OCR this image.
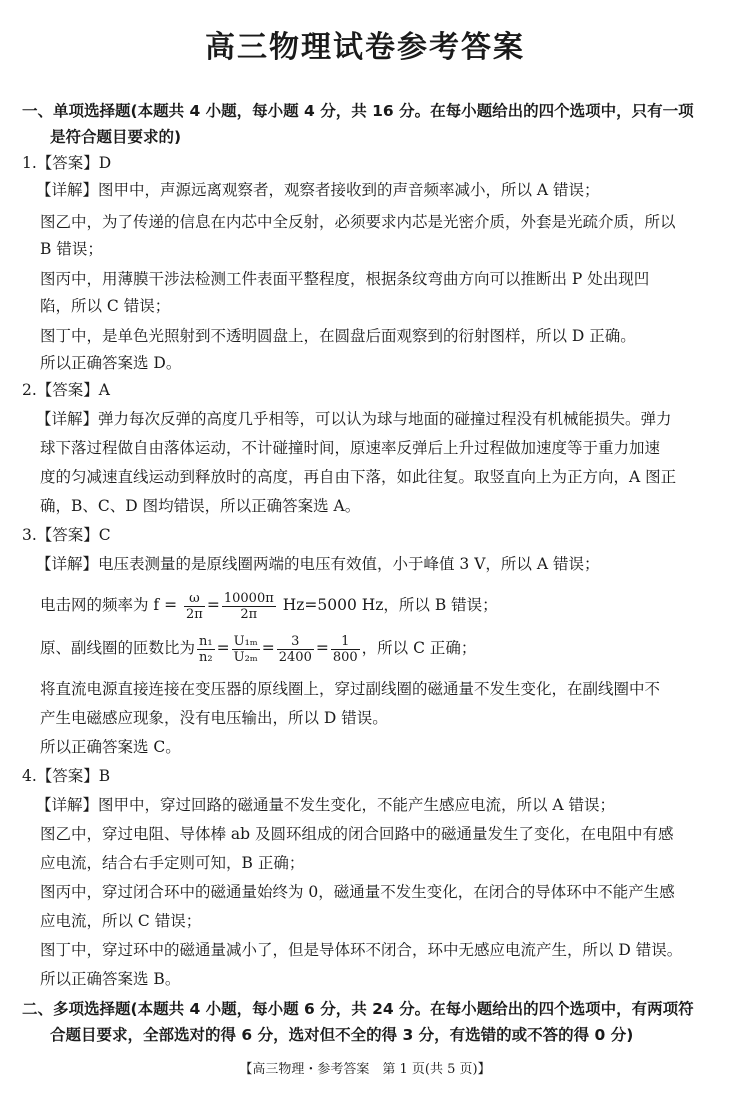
高三物理试卷参考答案
一、单项选择题(本题共 4 小题，每小题 4 分，共 16 分。在每小题给出的四个选项中，只有一项
是符合题目要求的)
1.【答案】D
【详解】图甲中，声源远离观察者，观察者接收到的声音频率减小，所以 A 错误；
图乙中，为了传递的信息在内芯中全反射，必须要求内芯是光密介质，外套是光疏介质，所以
B 错误；
图丙中，用薄膜干涉法检测工件表面平整程度，根据条纹弯曲方向可以推断出 P 处出现凹
陷，所以 C 错误；
图丁中，是单色光照射到不透明圆盘上，在圆盘后面观察到的衍射图样，所以 D 正确。
所以正确答案选 D。
2.【答案】A
【详解】弹力每次反弹的高度几乎相等，可以认为球与地面的碰撞过程没有机械能损失。弹力
球下落过程做自由落体运动，不计碰撞时间，原速率反弹后上升过程做加速度等于重力加速
度的匀减速直线运动到释放时的高度，再自由下落，如此往复。取竖直向上为正方向，A 图正
确，B、C、D 图均错误，所以正确答案选 A。
3.【答案】C
【详解】电压表测量的是原线圈两端的电压有效值，小于峰值 3 V，所以 A 错误；
电击网的频率为 $f = \frac{\omega}{2\pi} = \frac{10000\pi}{2\pi} Hz=5000$ Hz，所以 B 错误；
原、副线圈的匝数比为 $\frac{\text{n₁}}{\text{n₂}} = \frac{\text{U₁ₘ}}{\text{U₂ₘ}} = \frac{3}{2400} = \frac{1}{800}$ ，所以 C 正确；
将直流电源直接连接在变压器的原线圈上，穿过副线圈的磁通量不发生变化，在副线圈中不
产生电磁感应现象，没有电压输出，所以 D 错误。
所以正确答案选 C。
4.【答案】B
【详解】图甲中，穿过回路的磁通量不发生变化，不能产生感应电流，所以 A 错误；
图乙中，穿过电阻、导体棒 ab 及圆环组成的闭合回路中的磁通量发生了变化，在电阻中有感
应电流，结合右手定则可知，B 正确；
图丙中，穿过闭合环中的磁通量始终为 0，磁通量不发生变化，在闭合的导体环中不能产生感
应电流，所以 C 错误；
图丁中，穿过环中的磁通量减小了，但是导体环不闭合，环中无感应电流产生，所以 D 错误。
所以正确答案选 B。
二、多项选择题(本题共 4 小题，每小题 6 分，共 24 分。在每小题给出的四个选项中，有两项符
合题目要求，全部选对的得 6 分，选对但不全的得 3 分，有选错的或不答的得 0 分)
【高三物理・参考答案　第 1 页(共 5 页)】
